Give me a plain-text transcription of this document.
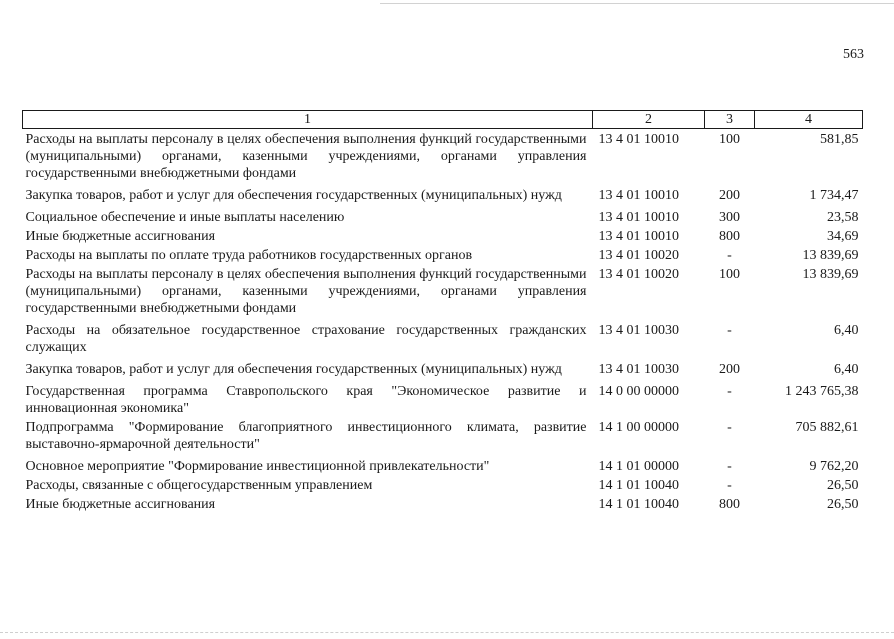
563
1	2	3	4
Расходы на выплаты персоналу в целях обеспечения выполнения функций государственными (муниципальными) органами, казенными учреждениями, органами управления государственными внебюджетными фондами	13 4 01 10010	100	581,85
Закупка товаров, работ и услуг для обеспечения государственных (муниципальных) нужд	13 4 01 10010	200	1 734,47
Социальное обеспечение и иные выплаты населению	13 4 01 10010	300	23,58
Иные бюджетные ассигнования	13 4 01 10010	800	34,69
Расходы на выплаты по оплате труда работников государственных органов	13 4 01 10020	-	13 839,69
Расходы на выплаты персоналу в целях обеспечения выполнения функций государственными (муниципальными) органами, казенными учреждениями, органами управления государственными внебюджетными фондами	13 4 01 10020	100	13 839,69
Расходы на обязательное государственное страхование государственных гражданских служащих	13 4 01 10030	-	6,40
Закупка товаров, работ и услуг для обеспечения государственных (муниципальных) нужд	13 4 01 10030	200	6,40
Государственная программа Ставропольского края "Экономическое развитие и инновационная экономика"	14 0 00 00000	-	1 243 765,38
Подпрограмма "Формирование благоприятного инвестиционного климата, развитие выставочно-ярмарочной деятельности"	14 1 00 00000	-	705 882,61
Основное мероприятие "Формирование инвестиционной привлекательности"	14 1 01 00000	-	9 762,20
Расходы, связанные с общегосударственным управлением	14 1 01 10040	-	26,50
Иные бюджетные ассигнования	14 1 01 10040	800	26,50
